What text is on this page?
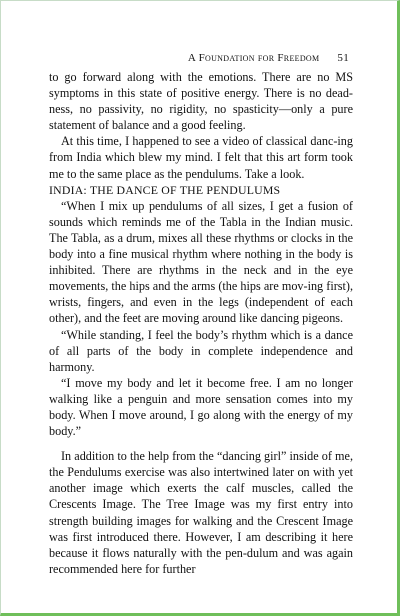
A Foundation for Freedom 51

to go forward along with the emotions. There are no MS symptoms in this state of positive energy. There is no dead-ness, no passivity, no rigidity, no spasticity—only a pure statement of balance and a good feeling.

At this time, I happened to see a video of classical danc-ing from India which blew my mind. I felt that this art form took me to the same place as the pendulums. Take a look.

INDIA: THE DANCE OF THE PENDULUMS

“When I mix up pendulums of all sizes, I get a fusion of sounds which reminds me of the Tabla in the Indian music. The Tabla, as a drum, mixes all these rhythms or clocks in the body into a fine musical rhythm where nothing in the body is inhibited. There are rhythms in the neck and in the eye movements, the hips and the arms (the hips are mov-ing first), wrists, fingers, and even in the legs (independent of each other), and the feet are moving around like dancing pigeons.

“While standing, I feel the body’s rhythm which is a dance of all parts of the body in complete independence and harmony.

“I move my body and let it become free. I am no longer walking like a penguin and more sensation comes into my body. When I move around, I go along with the energy of my body.”

In addition to the help from the “dancing girl” inside of me, the Pendulums exercise was also intertwined later on with yet another image which exerts the calf muscles, called the Crescents Image. The Tree Image was my first entry into strength building images for walking and the Crescent Image was first introduced there. However, I am describing it here because it flows naturally with the pen-dulum and was again recommended here for further
